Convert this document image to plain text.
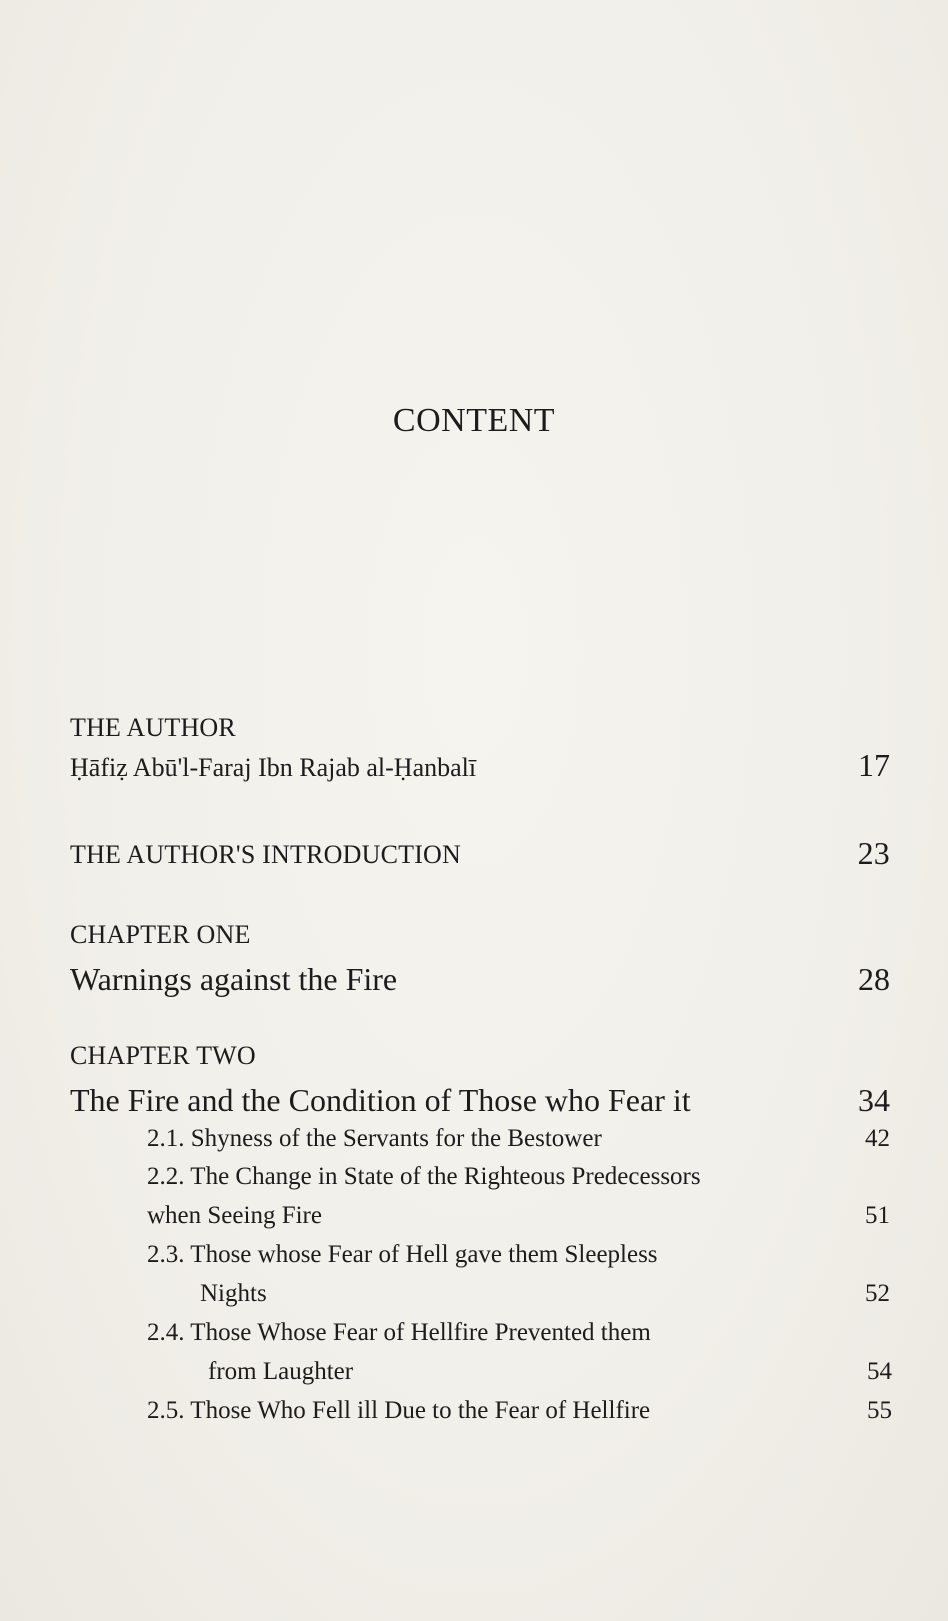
CONTENT
THE AUTHOR
Ḥāfiẓ Abū'l-Faraj Ibn Rajab al-Ḥanbalī	17
THE AUTHOR'S INTRODUCTION	23
CHAPTER ONE
Warnings against the Fire	28
CHAPTER TWO
The Fire and the Condition of Those who Fear it	34
2.1. Shyness of the Servants for the Bestower	42
2.2. The Change in State of the Righteous Predecessors
when Seeing Fire	51
2.3. Those whose Fear of Hell gave them Sleepless
Nights	52
2.4. Those Whose Fear of Hellfire Prevented them
from Laughter	54
2.5. Those Who Fell ill Due to the Fear of Hellfire	55
